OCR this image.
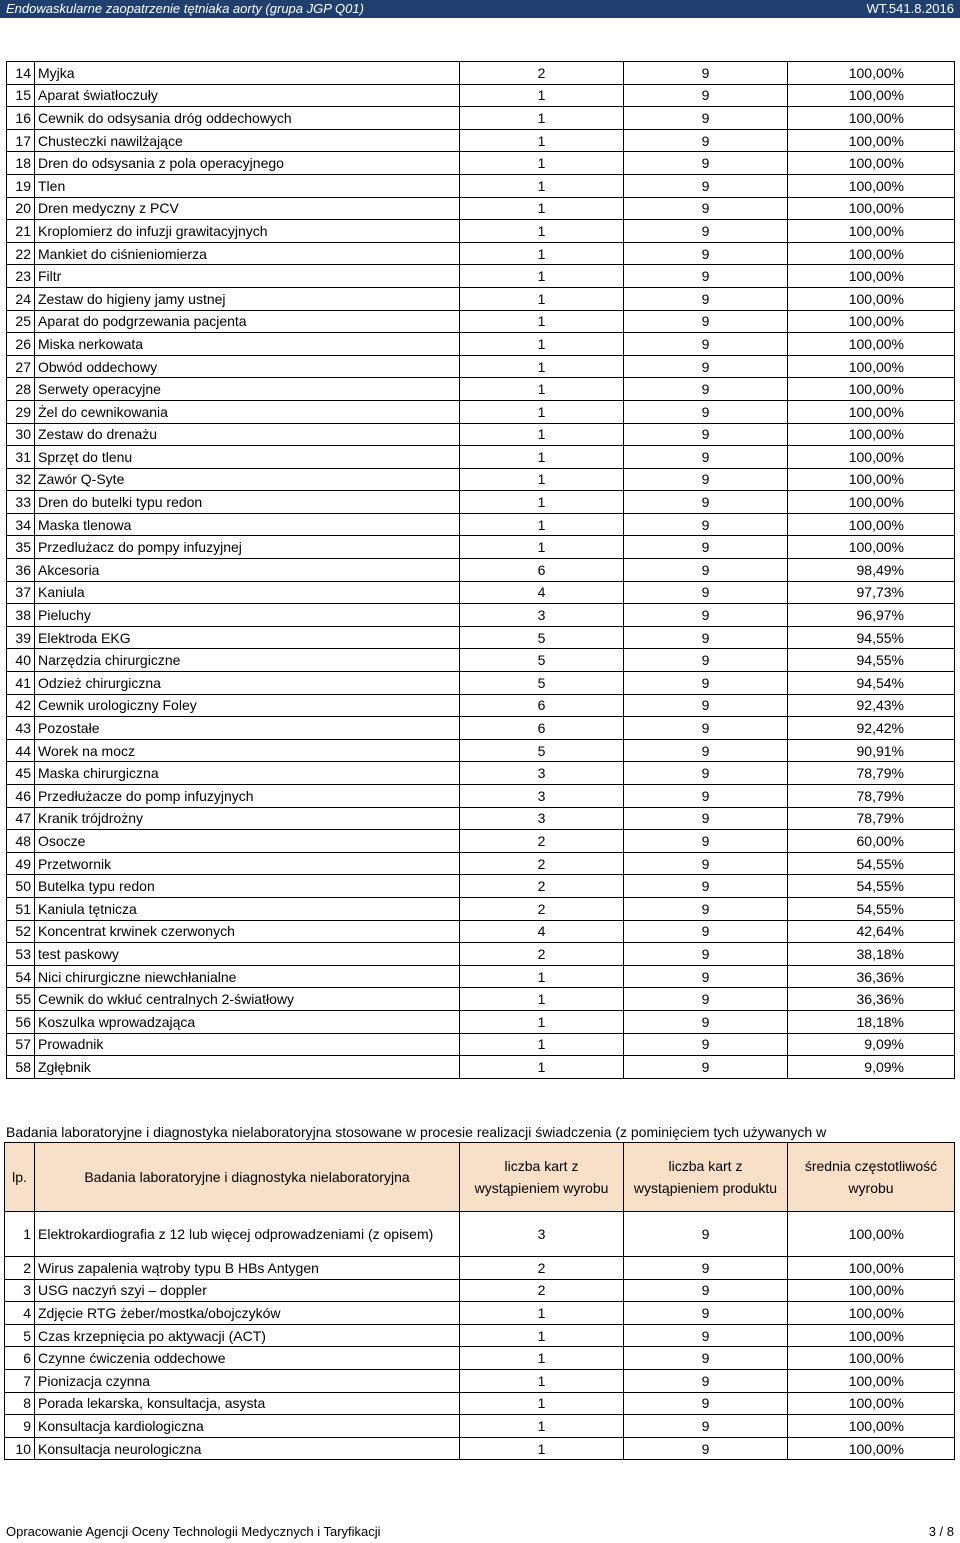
Endowaskularne zaopatrzenie tętniaka aorty (grupa JGP Q01)	WT.541.8.2016
14	Myjka	2	9	100,00%
15	Aparat światłoczuły	1	9	100,00%
16	Cewnik do odsysania dróg oddechowych	1	9	100,00%
17	Chusteczki nawilżające	1	9	100,00%
18	Dren do odsysania z pola operacyjnego	1	9	100,00%
19	Tlen	1	9	100,00%
20	Dren medyczny z PCV	1	9	100,00%
21	Kroplomierz do infuzji grawitacyjnych	1	9	100,00%
22	Mankiet do ciśnieniomierza	1	9	100,00%
23	Filtr	1	9	100,00%
24	Zestaw do higieny jamy ustnej	1	9	100,00%
25	Aparat do podgrzewania pacjenta	1	9	100,00%
26	Miska nerkowata	1	9	100,00%
27	Obwód oddechowy	1	9	100,00%
28	Serwety operacyjne	1	9	100,00%
29	Żel do cewnikowania	1	9	100,00%
30	Zestaw do drenażu	1	9	100,00%
31	Sprzęt do tlenu	1	9	100,00%
32	Zawór Q-Syte	1	9	100,00%
33	Dren do butelki typu redon	1	9	100,00%
34	Maska tlenowa	1	9	100,00%
35	Przedlużacz do pompy infuzyjnej	1	9	100,00%
36	Akcesoria	6	9	98,49%
37	Kaniula	4	9	97,73%
38	Pieluchy	3	9	96,97%
39	Elektroda EKG	5	9	94,55%
40	Narzędzia chirurgiczne	5	9	94,55%
41	Odzież chirurgiczna	5	9	94,54%
42	Cewnik urologiczny Foley	6	9	92,43%
43	Pozostałe	6	9	92,42%
44	Worek na mocz	5	9	90,91%
45	Maska chirurgiczna	3	9	78,79%
46	Przedłużacze do pomp infuzyjnych	3	9	78,79%
47	Kranik trójdrożny	3	9	78,79%
48	Osocze	2	9	60,00%
49	Przetwornik	2	9	54,55%
50	Butelka typu redon	2	9	54,55%
51	Kaniula tętnicza	2	9	54,55%
52	Koncentrat krwinek czerwonych	4	9	42,64%
53	test paskowy	2	9	38,18%
54	Nici chirurgiczne niewchłanialne	1	9	36,36%
55	Cewnik do wkłuć centralnych 2-światłowy	1	9	36,36%
56	Koszulka wprowadzająca	1	9	18,18%
57	Prowadnik	1	9	9,09%
58	Zgłębnik	1	9	9,09%
Badania laboratoryjne i diagnostyka nielaboratoryjna stosowane w procesie realizacji świadczenia (z pominięciem tych używanych w
lp.	Badania laboratoryjne i diagnostyka nielaboratoryjna	liczba kart z wystąpieniem wyrobu	liczba kart z wystąpieniem produktu	średnia częstotliwość wyrobu
1	Elektrokardiografia z 12 lub więcej odprowadzeniami (z opisem)	3	9	100,00%
2	Wirus zapalenia wątroby typu B HBs Antygen	2	9	100,00%
3	USG naczyń szyi – doppler	2	9	100,00%
4	Zdjęcie RTG żeber/mostka/obojczyków	1	9	100,00%
5	Czas krzepnięcia po aktywacji (ACT)	1	9	100,00%
6	Czynne ćwiczenia oddechowe	1	9	100,00%
7	Pionizacja czynna	1	9	100,00%
8	Porada lekarska, konsultacja, asysta	1	9	100,00%
9	Konsultacja kardiologiczna	1	9	100,00%
10	Konsultacja neurologiczna	1	9	100,00%
Opracowanie Agencji Oceny Technologii Medycznych i Taryfikacji	3 / 8
